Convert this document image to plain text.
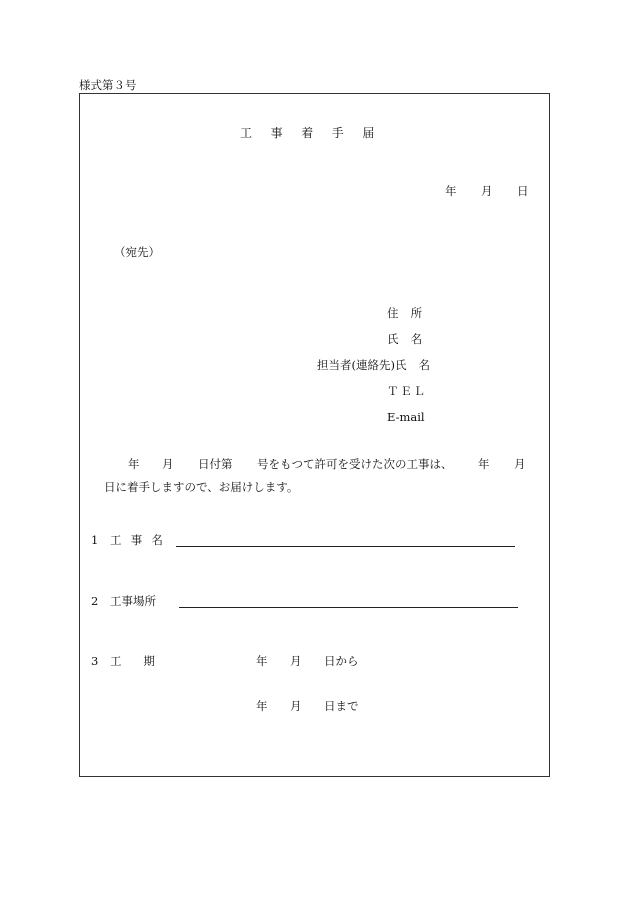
様式第３号
工事着手届
年 月 日
（宛先）
住所
氏名
担当者(連絡先)氏 名
ＴＥＬ
E-mail
年 月 日付第 号をもつて許可を受けた次の工事は、 年 月
日に着手しますので、お届けします。
1 工事名
2 工事場所
3 工期	年 月 日から
年 月 日まで
